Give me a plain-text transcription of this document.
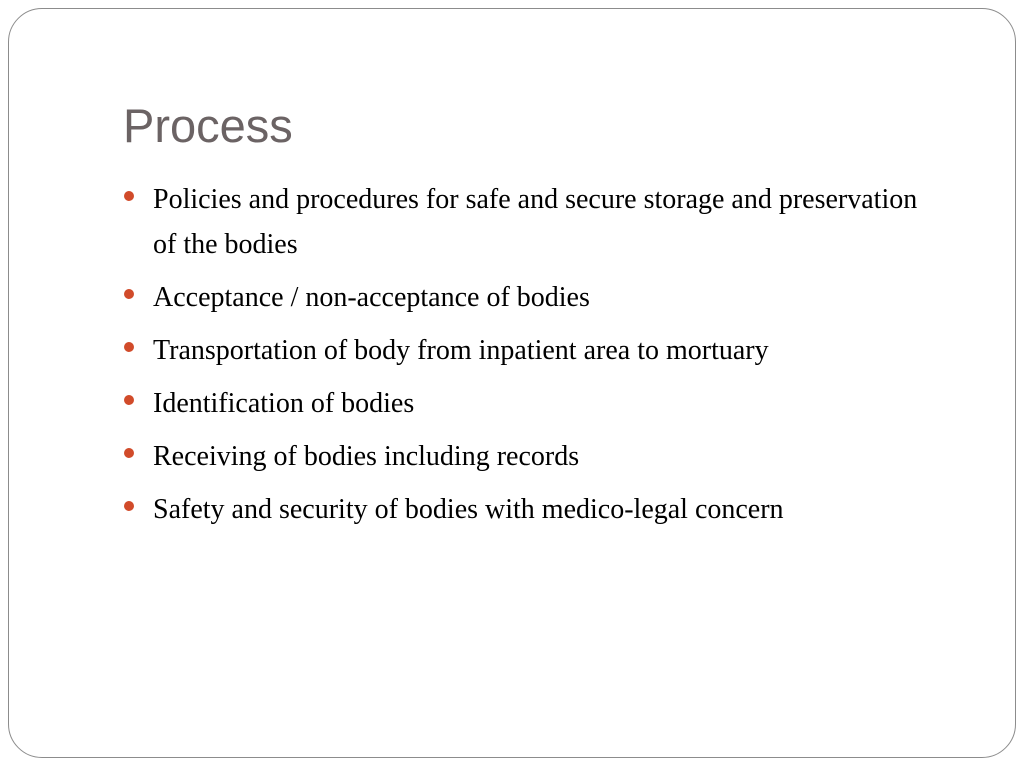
Process
Policies and procedures for safe and secure storage and preservation of the bodies
Acceptance / non-acceptance of bodies
Transportation of body from inpatient area to mortuary
Identification of bodies
Receiving of bodies including records
Safety and security of bodies with medico-legal concern
